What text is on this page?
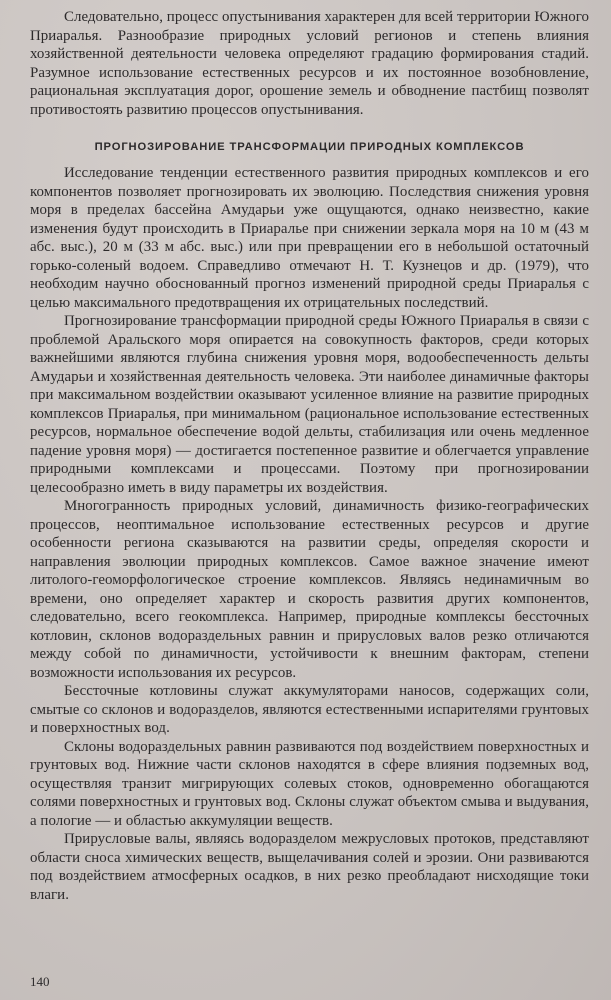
Следовательно, процесс опустынивания характерен для всей территории Южного Приаралья. Разнообразие природных условий регионов и степень влияния хозяйственной деятельности человека определяют градацию формирования стадий. Разумное использование естественных ресурсов и их постоянное возобновление, рациональная эксплуатация дорог, орошение земель и обводнение пастбищ позволят противостоять развитию процессов опустынивания.

ПРОГНОЗИРОВАНИЕ ТРАНСФОРМАЦИИ ПРИРОДНЫХ КОМПЛЕКСОВ

Исследование тенденции естественного развития природных комплексов и его компонентов позволяет прогнозировать их эволюцию. Последствия снижения уровня моря в пределах бассейна Амударьи уже ощущаются, однако неизвестно, какие изменения будут происходить в Приаралье при снижении зеркала моря на 10 м (43 м абс. выс.), 20 м (33 м абс. выс.) или при превращении его в небольшой остаточный горько-соленый водоем. Справедливо отмечают Н. Т. Кузнецов и др. (1979), что необходим научно обоснованный прогноз изменений природной среды Приаралья с целью максимального предотвращения их отрицательных последствий.

Прогнозирование трансформации природной среды Южного Приаралья в связи с проблемой Аральского моря опирается на совокупность факторов, среди которых важнейшими являются глубина снижения уровня моря, водообеспеченность дельты Амударьи и хозяйственная деятельность человека. Эти наиболее динамичные факторы при максимальном воздействии оказывают усиленное влияние на развитие природных комплексов Приаралья, при минимальном (рациональное использование естественных ресурсов, нормальное обеспечение водой дельты, стабилизация или очень медленное падение уровня моря) — достигается постепенное развитие и облегчается управление природными комплексами и процессами. Поэтому при прогнозировании целесообразно иметь в виду параметры их воздействия.

Многогранность природных условий, динамичность физико-географических процессов, неоптимальное использование естественных ресурсов и другие особенности региона сказываются на развитии среды, определяя скорости и направления эволюции природных комплексов. Самое важное значение имеют литолого-геоморфологическое строение комплексов. Являясь нединамичным во времени, оно определяет характер и скорость развития других компонентов, следовательно, всего геокомплекса. Например, природные комплексы бессточных котловин, склонов водораздельных равнин и прирусловых валов резко отличаются между собой по динамичности, устойчивости к внешним факторам, степени возможности использования их ресурсов.

Бессточные котловины служат аккумуляторами наносов, содержащих соли, смытые со склонов и водоразделов, являются естественными испарителями грунтовых и поверхностных вод.

Склоны водораздельных равнин развиваются под воздействием поверхностных и грунтовых вод. Нижние части склонов находятся в сфере влияния подземных вод, осуществляя транзит мигрирующих солевых стоков, одновременно обогащаются солями поверхностных и грунтовых вод. Склоны служат объектом смыва и выдувания, а пологие — и областью аккумуляции веществ.

Прирусловые валы, являясь водоразделом межрусловых протоков, представляют области сноса химических веществ, выщелачивания солей и эрозии. Они развиваются под воздействием атмосферных осадков, в них резко преобладают нисходящие токи влаги.

140
